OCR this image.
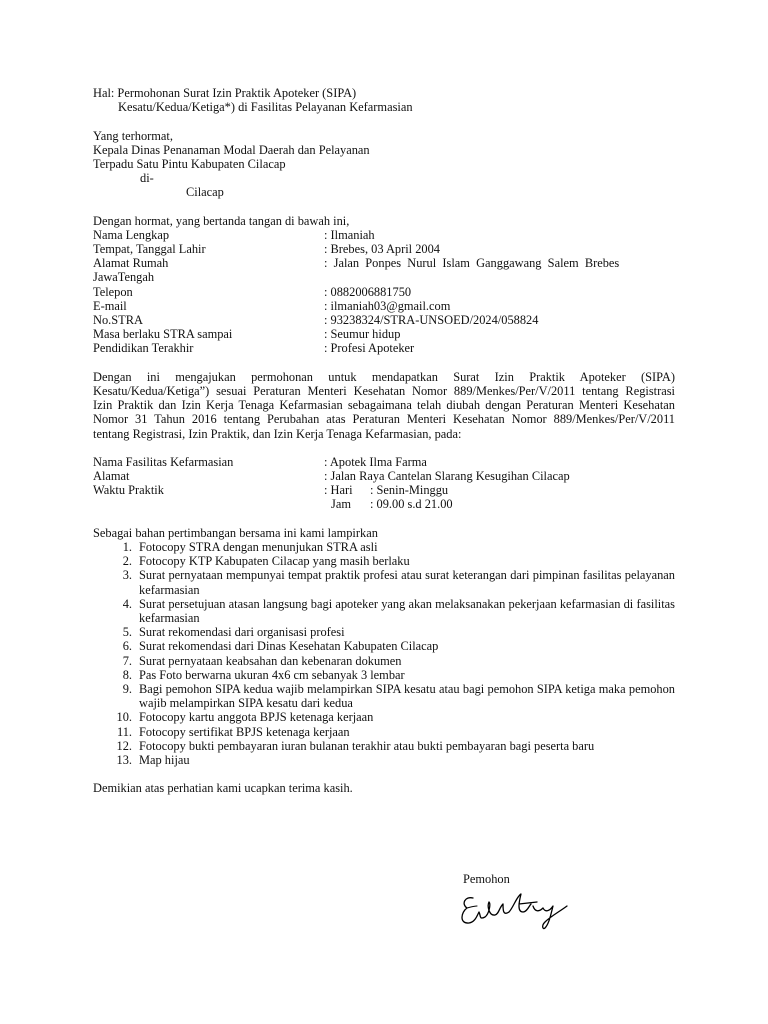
Hal: Permohonan Surat Izin Praktik Apoteker (SIPA)
Kesatu/Kedua/Ketiga*) di Fasilitas Pelayanan Kefarmasian
Yang terhormat,
Kepala Dinas Penanaman Modal Daerah dan Pelayanan
Terpadu Satu Pintu Kabupaten Cilacap
di-
Cilacap
Dengan hormat, yang bertanda tangan di bawah ini,
Nama Lengkap	: Ilmaniah
Tempat, Tanggal Lahir	: Brebes, 03 April 2004
Alamat Rumah	:  Jalan  Ponpes  Nurul  Islam  Ganggawang  Salem  Brebes
JawaTengah
Telepon	: 0882006881750
E-mail	: ilmaniah03@gmail.com
No.STRA	: 93238324/STRA-UNSOED/2024/058824
Masa berlaku STRA sampai	: Seumur hidup
Pendidikan Terakhir	: Profesi Apoteker
Dengan ini mengajukan permohonan untuk mendapatkan Surat Izin Praktik Apoteker (SIPA)
Kesatu/Kedua/Ketiga”) sesuai Peraturan Menteri Kesehatan Nomor 889/Menkes/Per/V/2011 tentang Registrasi
Izin Praktik dan Izin Kerja Tenaga Kefarmasian sebagaimana telah diubah dengan Peraturan Menteri Kesehatan
Nomor 31 Tahun 2016 tentang Perubahan atas Peraturan Menteri Kesehatan Nomor 889/Menkes/Per/V/2011
tentang Registrasi, Izin Praktik, dan Izin Kerja Tenaga Kefarmasian, pada:
Nama Fasilitas Kefarmasian	: Apotek Ilma Farma
Alamat	: Jalan Raya Cantelan Slarang Kesugihan Cilacap
Waktu Praktik	: Hari	: Senin-Minggu
Jam	: 09.00 s.d 21.00
Sebagai bahan pertimbangan bersama ini kami lampirkan
1. Fotocopy STRA dengan menunjukan STRA asli
2. Fotocopy KTP Kabupaten Cilacap yang masih berlaku
3. Surat pernyataan mempunyai tempat praktik profesi atau surat keterangan dari pimpinan fasilitas pelayanan kefarmasian
4. Surat persetujuan atasan langsung bagi apoteker yang akan melaksanakan pekerjaan kefarmasian di fasilitas kefarmasian
5. Surat rekomendasi dari organisasi profesi
6. Surat rekomendasi dari Dinas Kesehatan Kabupaten Cilacap
7. Surat pernyataan keabsahan dan kebenaran dokumen
8. Pas Foto berwarna ukuran 4x6 cm sebanyak 3 lembar
9. Bagi pemohon SIPA kedua wajib melampirkan SIPA kesatu atau bagi pemohon SIPA ketiga maka pemohon wajib melampirkan SIPA kesatu dari kedua
10. Fotocopy kartu anggota BPJS ketenaga kerjaan
11. Fotocopy sertifikat BPJS ketenaga kerjaan
12. Fotocopy bukti pembayaran iuran bulanan terakhir atau bukti pembayaran bagi peserta baru
13. Map hijau
Demikian atas perhatian kami ucapkan terima kasih.
Pemohon
